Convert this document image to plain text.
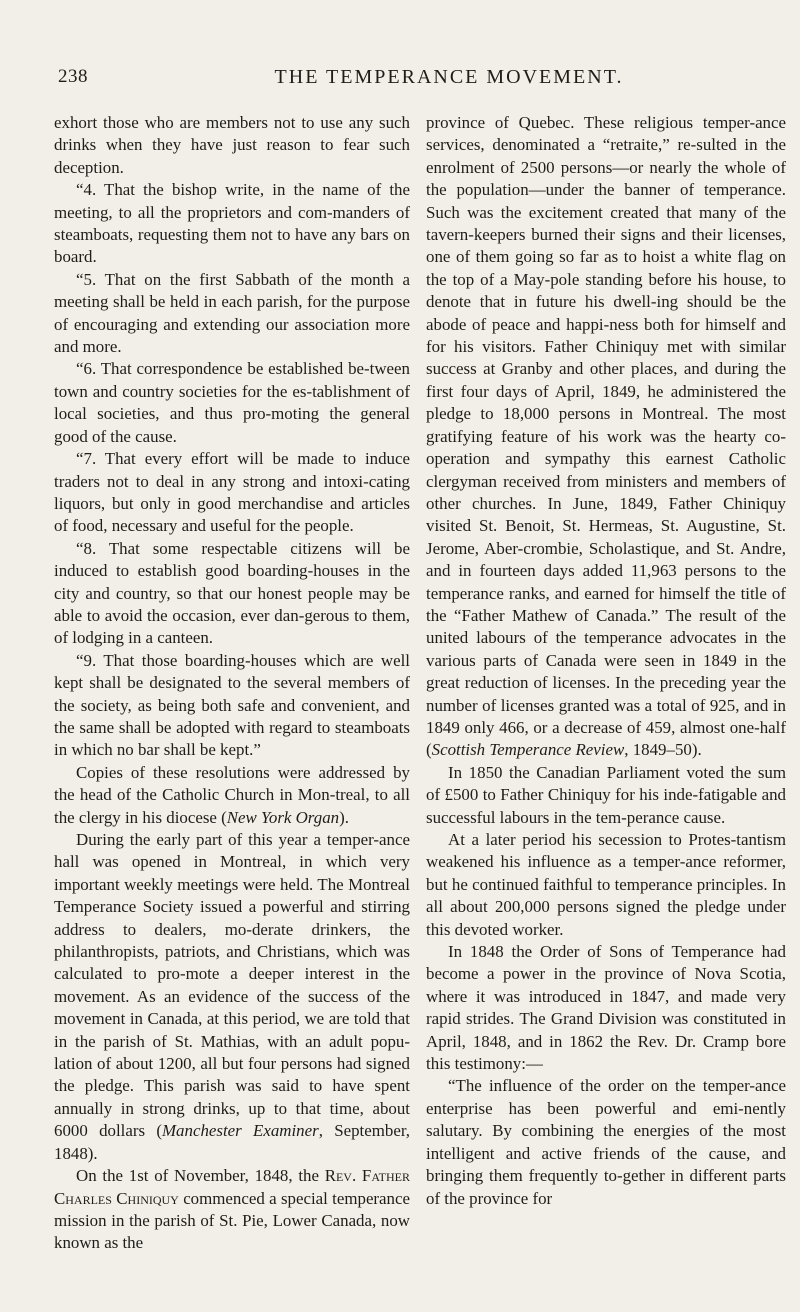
238	THE TEMPERANCE MOVEMENT.

exhort those who are members not to use any such drinks when they have just reason to fear such deception.

“4. That the bishop write, in the name of the meeting, to all the proprietors and com-manders of steamboats, requesting them not to have any bars on board.

“5. That on the first Sabbath of the month a meeting shall be held in each parish, for the purpose of encouraging and extending our association more and more.

“6. That correspondence be established be-tween town and country societies for the es-tablishment of local societies, and thus pro-moting the general good of the cause.

“7. That every effort will be made to induce traders not to deal in any strong and intoxi-cating liquors, but only in good merchandise and articles of food, necessary and useful for the people.

“8. That some respectable citizens will be induced to establish good boarding-houses in the city and country, so that our honest people may be able to avoid the occasion, ever dan-gerous to them, of lodging in a canteen.

“9. That those boarding-houses which are well kept shall be designated to the several members of the society, as being both safe and convenient, and the same shall be adopted with regard to steamboats in which no bar shall be kept.”

Copies of these resolutions were addressed by the head of the Catholic Church in Mon-treal, to all the clergy in his diocese (New York Organ).

During the early part of this year a temper-ance hall was opened in Montreal, in which very important weekly meetings were held. The Montreal Temperance Society issued a powerful and stirring address to dealers, mo-derate drinkers, the philanthropists, patriots, and Christians, which was calculated to pro-mote a deeper interest in the movement. As an evidence of the success of the movement in Canada, at this period, we are told that in the parish of St. Mathias, with an adult popu-lation of about 1200, all but four persons had signed the pledge. This parish was said to have spent annually in strong drinks, up to that time, about 6000 dollars (Manchester Examiner, September, 1848).

On the 1st of November, 1848, the Rev. Father Charles Chiniquy commenced a special temperance mission in the parish of St. Pie, Lower Canada, now known as the

province of Quebec. These religious temper-ance services, denominated a “retraite,” re-sulted in the enrolment of 2500 persons—or nearly the whole of the population—under the banner of temperance. Such was the excitement created that many of the tavern-keepers burned their signs and their licenses, one of them going so far as to hoist a white flag on the top of a May-pole standing before his house, to denote that in future his dwell-ing should be the abode of peace and happi-ness both for himself and for his visitors. Father Chiniquy met with similar success at Granby and other places, and during the first four days of April, 1849, he administered the pledge to 18,000 persons in Montreal. The most gratifying feature of his work was the hearty co-operation and sympathy this earnest Catholic clergyman received from ministers and members of other churches. In June, 1849, Father Chiniquy visited St. Benoit, St. Hermeas, St. Augustine, St. Jerome, Aber-crombie, Scholastique, and St. Andre, and in fourteen days added 11,963 persons to the temperance ranks, and earned for himself the title of the “Father Mathew of Canada.” The result of the united labours of the temperance advocates in the various parts of Canada were seen in 1849 in the great reduction of licenses. In the preceding year the number of licenses granted was a total of 925, and in 1849 only 466, or a decrease of 459, almost one-half (Scottish Temperance Review, 1849–50).

In 1850 the Canadian Parliament voted the sum of £500 to Father Chiniquy for his inde-fatigable and successful labours in the tem-perance cause.

At a later period his secession to Protes-tantism weakened his influence as a temper-ance reformer, but he continued faithful to temperance principles. In all about 200,000 persons signed the pledge under this devoted worker.

In 1848 the Order of Sons of Temperance had become a power in the province of Nova Scotia, where it was introduced in 1847, and made very rapid strides. The Grand Division was constituted in April, 1848, and in 1862 the Rev. Dr. Cramp bore this testimony:—

“The influence of the order on the temper-ance enterprise has been powerful and emi-nently salutary. By combining the energies of the most intelligent and active friends of the cause, and bringing them frequently to-gether in different parts of the province for
